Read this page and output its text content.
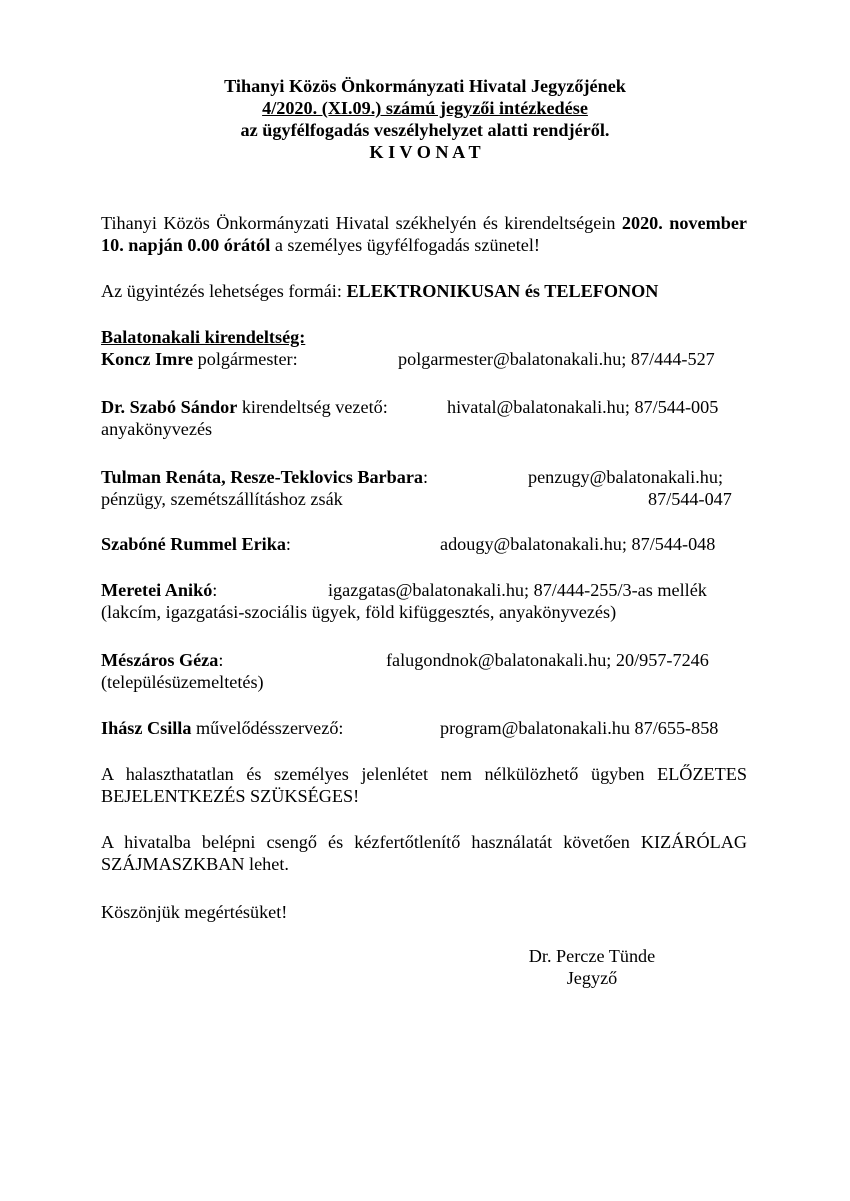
Tihanyi Közös Önkormányzati Hivatal Jegyzőjének
4/2020. (XI.09.) számú jegyzői intézkedése
az ügyfélfogadás veszélyhelyzet alatti rendjéről.
K I V O N A T
Tihanyi Közös Önkormányzati Hivatal székhelyén és kirendeltségein 2020. november 10. napján 0.00 órától a személyes ügyfélfogadás szünetel!
Az ügyintézés lehetséges formái: ELEKTRONIKUSAN és TELEFONON
Balatonakali kirendeltség:
Koncz Imre polgármester:	polgarmester@balatonakali.hu; 87/444-527
Dr. Szabó Sándor kirendeltség vezető:	hivatal@balatonakali.hu; 87/544-005
anyakönyvezés
Tulman Renáta, Resze-Teklovics Barbara:	penzugy@balatonakali.hu;
pénzügy, szemétszállításhoz zsák	87/544-047
Szabóné Rummel Erika:	adougy@balatonakali.hu; 87/544-048
Meretei Anikó:	igazgatas@balatonakali.hu; 87/444-255/3-as mellék
(lakcím, igazgatási-szociális ügyek, föld kifüggesztés, anyakönyvezés)
Mészáros Géza:	falugondnok@balatonakali.hu; 20/957-7246
(településüzemeltetés)
Ihász Csilla művelődésszervező:	program@balatonakali.hu 87/655-858
A halaszthatatlan és személyes jelenlétet nem nélkülözhető ügyben ELŐZETES BEJELENTKEZÉS SZÜKSÉGES!
A hivatalba belépni csengő és kézfertőtlenítő használatát követően KIZÁRÓLAG SZÁJMASZKBAN lehet.
Köszönjük megértésüket!
Dr. Percze Tünde
Jegyző
